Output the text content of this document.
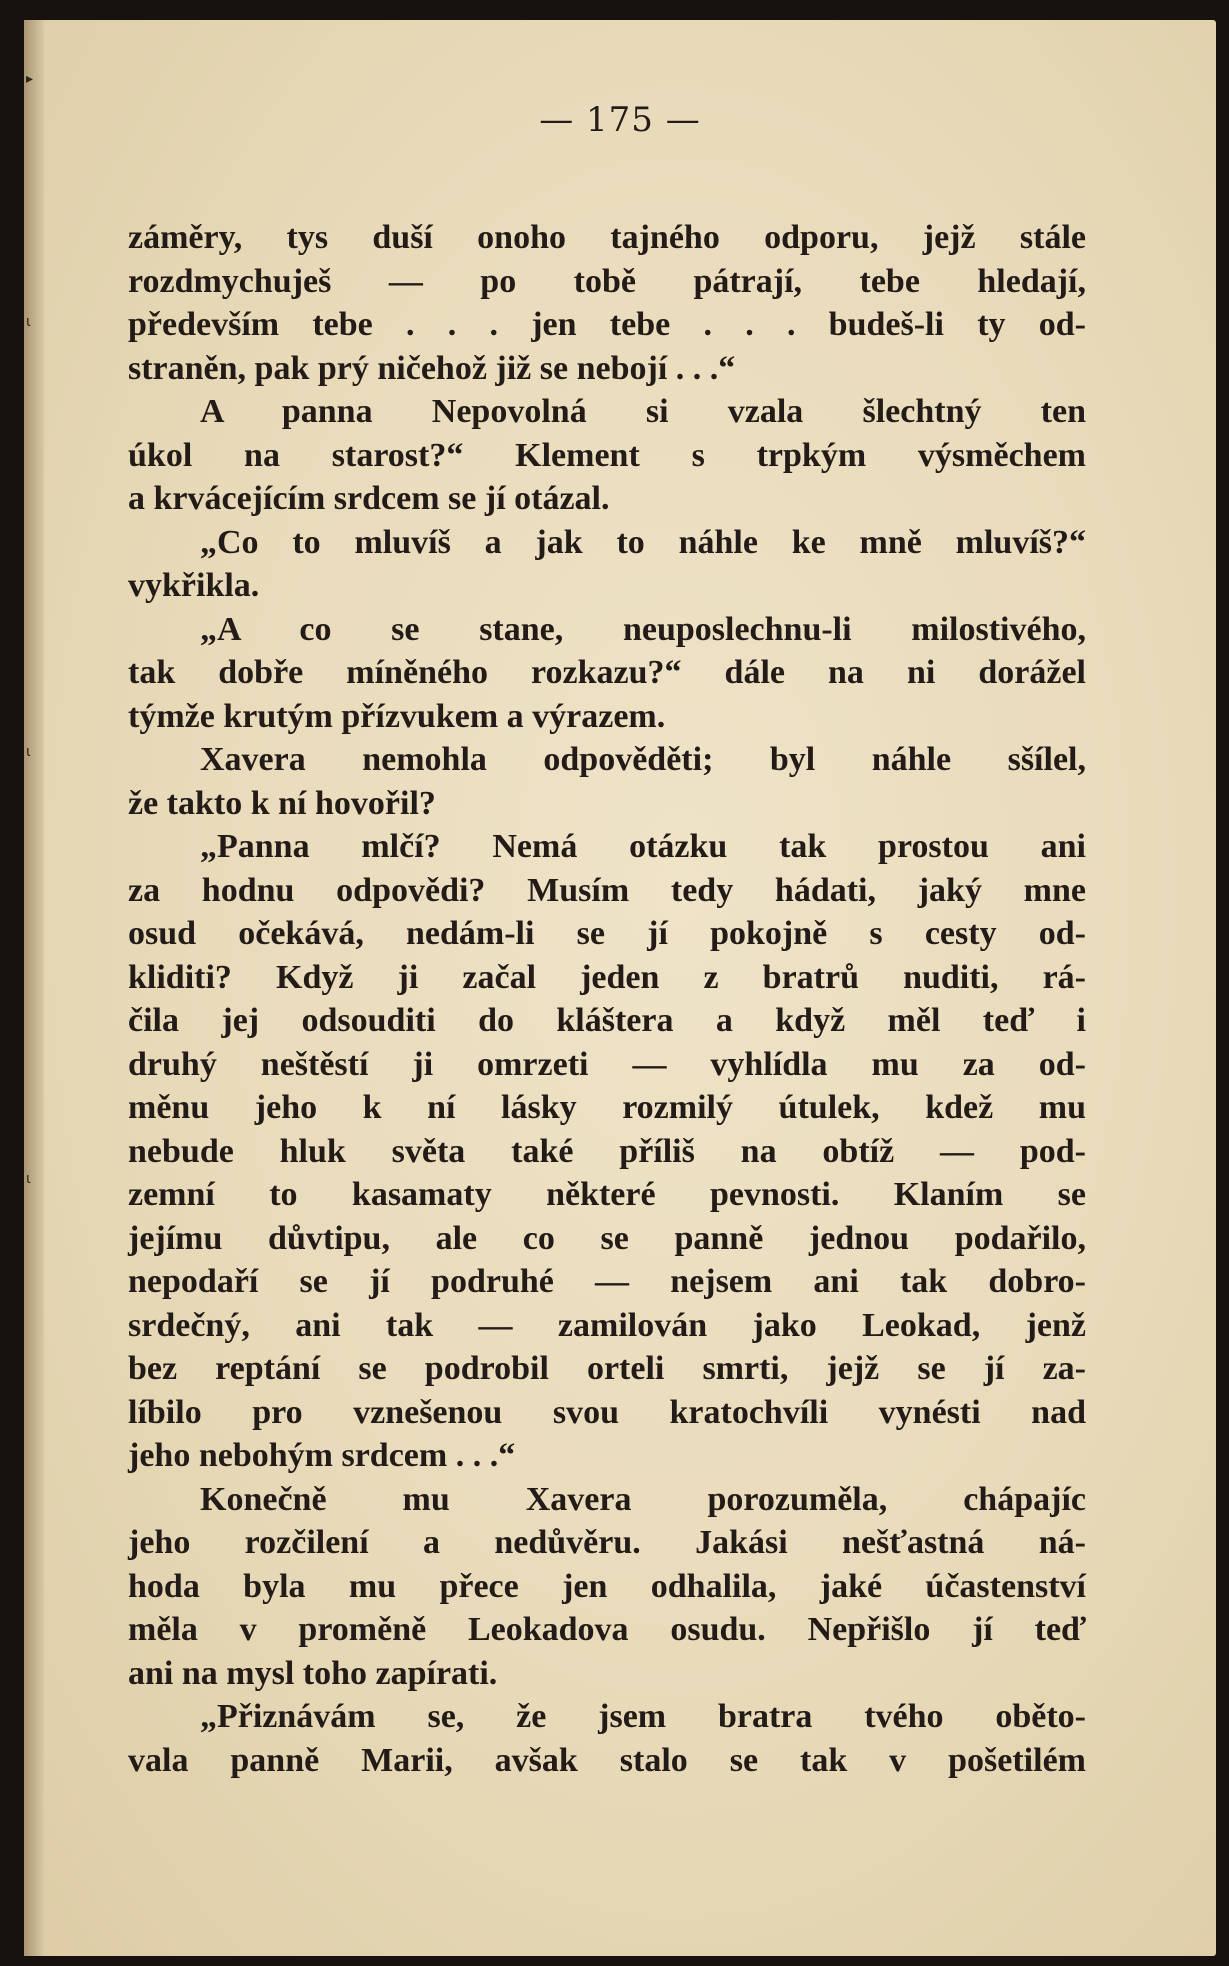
▸
ι
ι
ι
— 175 —
záměry, tys duší onoho tajného odporu, jejž stále
rozdmychuješ — po tobě pátrají, tebe hledají,
především tebe . . . jen tebe . . . budeš-li ty od-
straněn, pak prý ničehož již se nebojí . . .“
A panna Nepovolná si vzala šlechtný ten
úkol na starost?“ Klement s trpkým výsměchem
a krvácejícím srdcem se jí otázal.
„Co to mluvíš a jak to náhle ke mně mluvíš?“
vykřikla.
„A co se stane, neuposlechnu-li milostivého,
tak dobře míněného rozkazu?“ dále na ni dorážel
týmže krutým přízvukem a výrazem.
Xavera nemohla odpověděti; byl náhle sšílel,
že takto k ní hovořil?
„Panna mlčí? Nemá otázku tak prostou ani
za hodnu odpovědi? Musím tedy hádati, jaký mne
osud očekává, nedám-li se jí pokojně s cesty od-
kliditi? Když ji začal jeden z bratrů nuditi, rá-
čila jej odsouditi do kláštera a když měl teď i
druhý neštěstí ji omrzeti — vyhlídla mu za od-
měnu jeho k ní lásky rozmilý útulek, kdež mu
nebude hluk světa také příliš na obtíž — pod-
zemní to kasamaty některé pevnosti. Klaním se
jejímu důvtipu, ale co se panně jednou podařilo,
nepodaří se jí podruhé — nejsem ani tak dobro-
srdečný, ani tak — zamilován jako Leokad, jenž
bez reptání se podrobil orteli smrti, jejž se jí za-
líbilo pro vznešenou svou kratochvíli vynésti nad
jeho nebohým srdcem . . .“
Konečně mu Xavera porozuměla, chápajíc
jeho rozčilení a nedůvěru. Jakási nešťastná ná-
hoda byla mu přece jen odhalila, jaké účastenství
měla v proměně Leokadova osudu. Nepřišlo jí teď
ani na mysl toho zapírati.
„Přiznávám se, že jsem bratra tvého obětо-
vala panně Marii, avšak stalo se tak v pošetilém
